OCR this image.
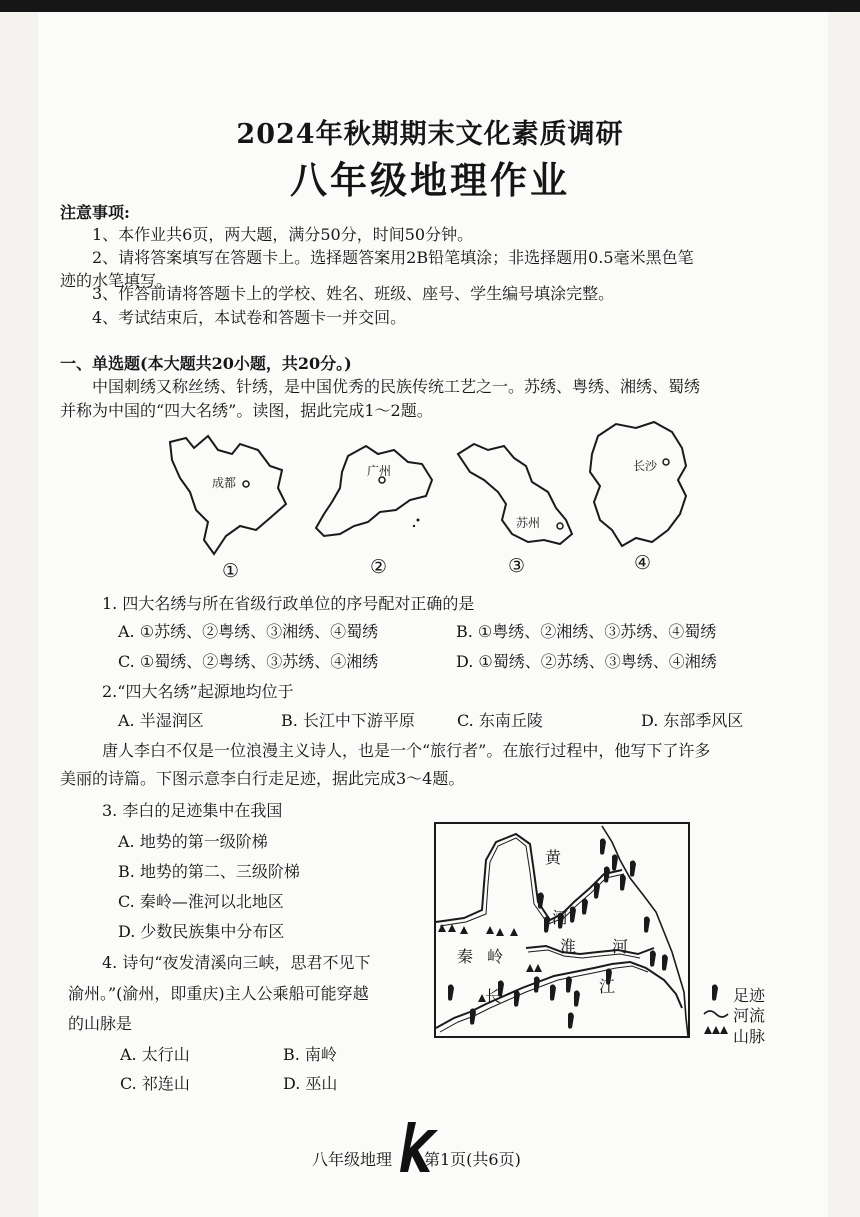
2024年秋期期末文化素质调研
八年级地理作业
注意事项:
1、本作业共6页，两大题，满分50分，时间50分钟。
2、请将答案填写在答题卡上。选择题答案用2B铅笔填涂；非选择题用0.5毫米黑色笔
迹的水笔填写。
3、作答前请将答题卡上的学校、姓名、班级、座号、学生编号填涂完整。
4、考试结束后，本试卷和答题卡一并交回。
一、单选题(本大题共20小题，共20分。)
中国刺绣又称丝绣、针绣，是中国优秀的民族传统工艺之一。苏绣、粤绣、湘绣、蜀绣
并称为中国的“四大名绣”。读图，据此完成1～2题。
成都
①
广州
②
苏州
③
长沙
④
1. 四大名绣与所在省级行政单位的序号配对正确的是
A. ①苏绣、②粤绣、③湘绣、④蜀绣	B. ①粤绣、②湘绣、③苏绣、④蜀绣
C. ①蜀绣、②粤绣、③苏绣、④湘绣	D. ①蜀绣、②苏绣、③粤绣、④湘绣
2.“四大名绣”起源地均位于
A. 半湿润区	B. 长江中下游平原	C. 东南丘陵	D. 东部季风区
唐人李白不仅是一位浪漫主义诗人，也是一个“旅行者”。在旅行过程中，他写下了许多
美丽的诗篇。下图示意李白行走足迹，据此完成3～4题。
3. 李白的足迹集中在我国
A. 地势的第一级阶梯
B. 地势的第二、三级阶梯
C. 秦岭—淮河以北地区
D. 少数民族集中分布区
4. 诗句“夜发清溪向三峡，思君不见下
渝州。”(渝州，即重庆)主人公乘船可能穿越
的山脉是
A. 太行山	B. 南岭
C. 祁连山	D. 巫山
黄
河
秦 岭
淮 河
长
江	足迹
河流
山脉
八年级地理 第1页(共6页)
